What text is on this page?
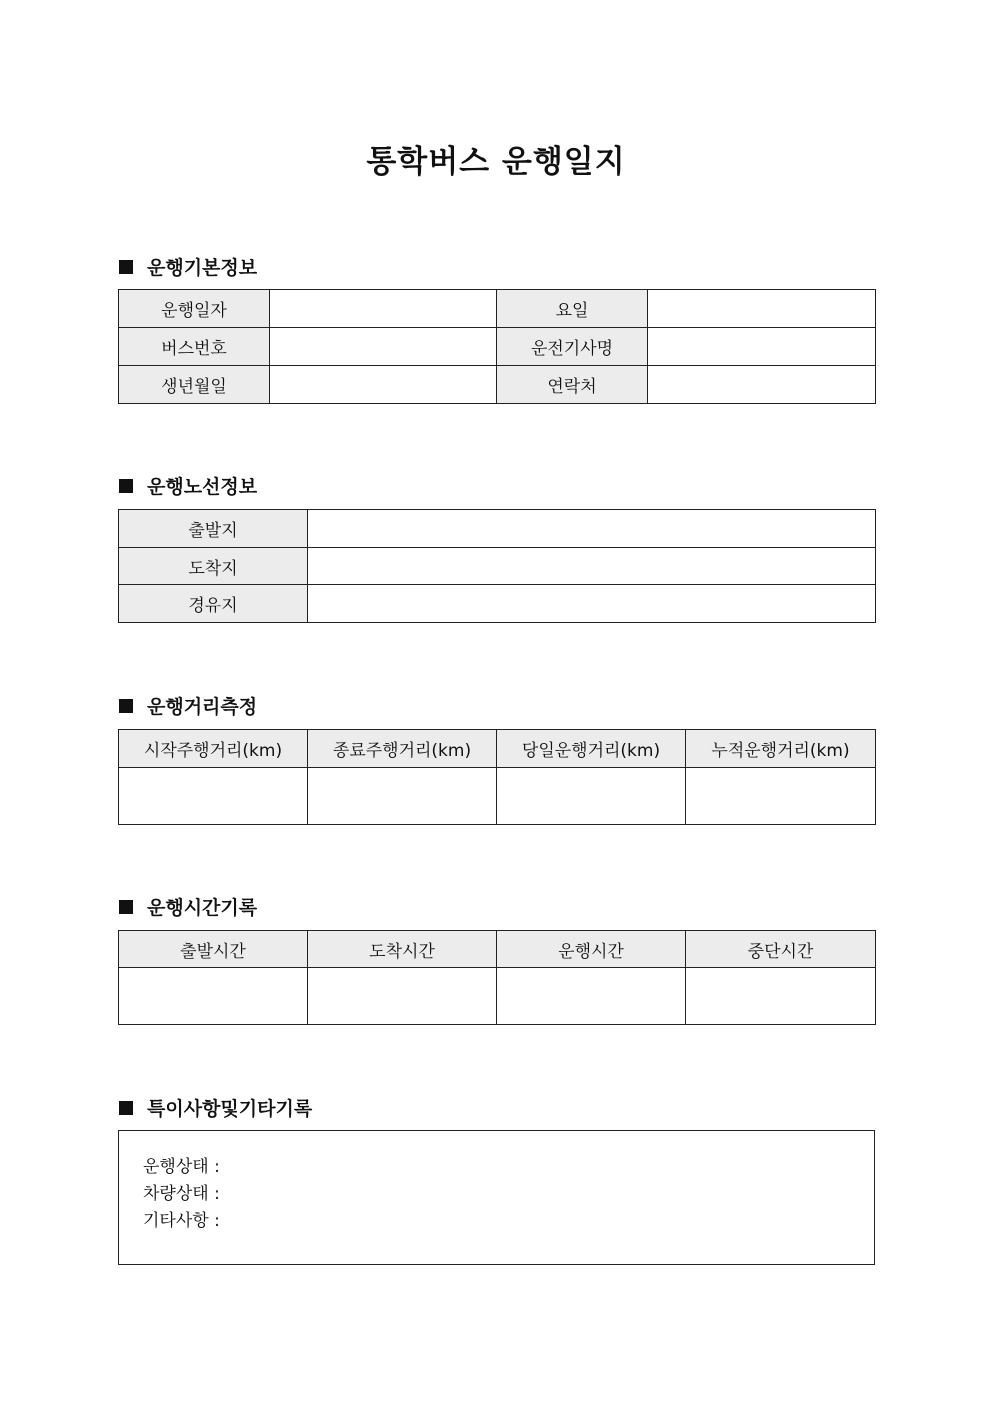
통학버스 운행일지
운행기본정보
운행일자		요일	
버스번호		운전기사명	
생년월일		연락처	
운행노선정보
출발지	
도착지	
경유지	
운행거리측정
시작주행거리(km)	종료주행거리(km)	당일운행거리(km)	누적운행거리(km)

운행시간기록
출발시간	도착시간	운행시간	중단시간

특이사항및기타기록
운행상태 :
차량상태 :
기타사항 :
